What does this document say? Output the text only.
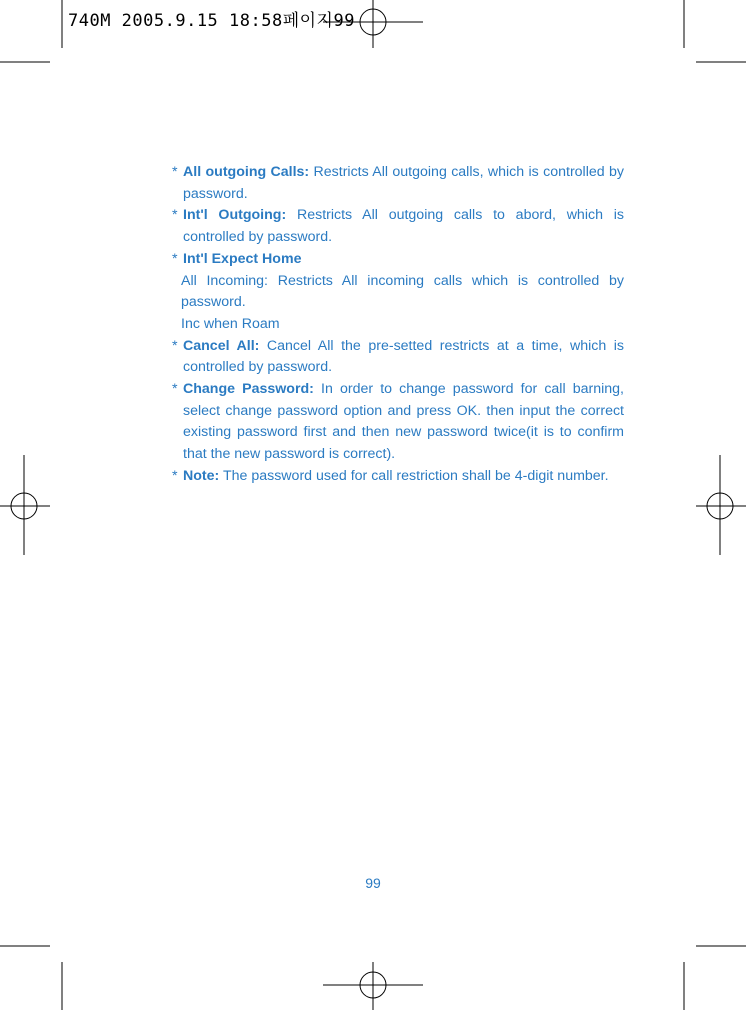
740M 2005.9.15 18:58페이지99
* All outgoing Calls: Restricts All outgoing calls, which is controlled by password.
* Int'l Outgoing: Restricts All outgoing calls to abord, which is controlled by password.
* Int'l Expect Home
All Incoming: Restricts All incoming calls which is controlled by password.
Inc when Roam
* Cancel All: Cancel All the pre-setted restricts at a time, which is controlled by password.
* Change Password: In order to change password for call barning, select change password option and press OK. then input the correct existing password first and then new password twice(it is to confirm that the new password is correct).
* Note: The password used for call restriction shall be 4-digit number.
99
